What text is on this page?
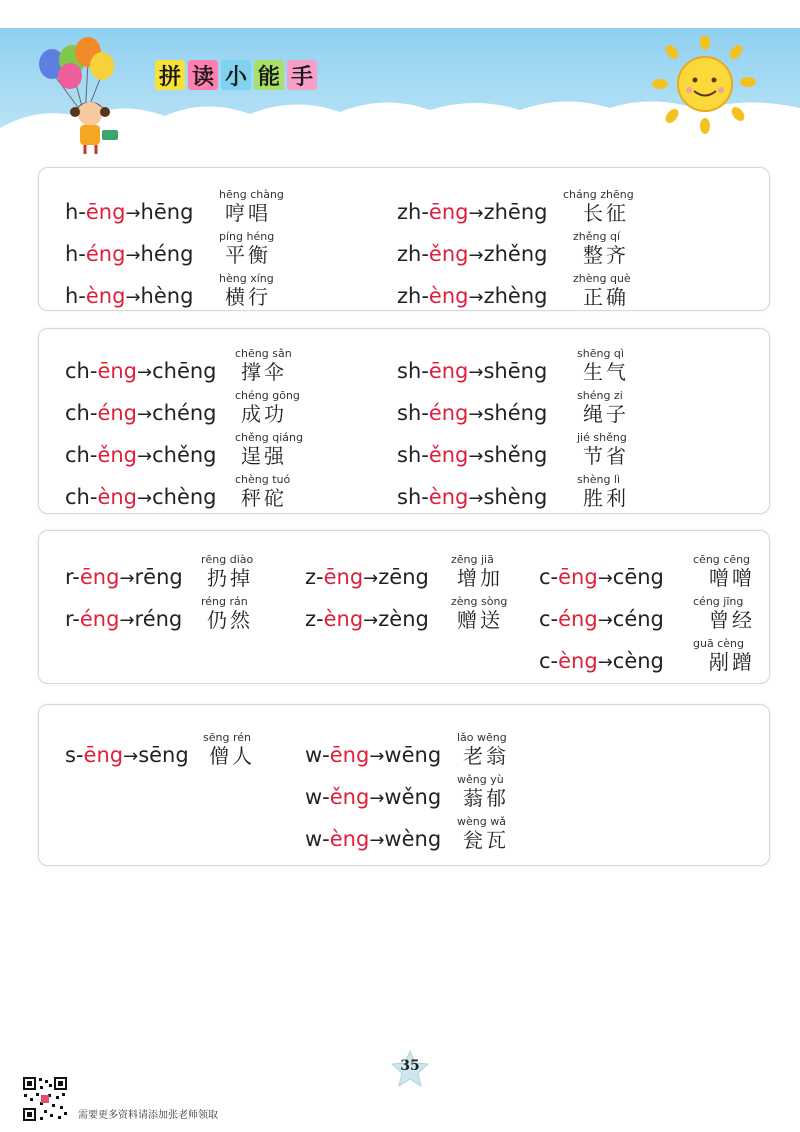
拼 读 小 能 手
h-ēng→hēng
hēng chàng
哼唱
h-éng→héng
píng héng
平衡
h-èng→hèng
hèng xíng
横行
zh-ēng→zhēng
cháng zhēng
长征
zh-ěng→zhěng
zhěng qí
整齐
zh-èng→zhèng
zhèng què
正确
ch-ēng→chēng
chēng sǎn
撑伞
ch-éng→chéng
chéng gōng
成功
ch-ěng→chěng
chěng qiáng
逞强
ch-èng→chèng
chèng tuó
秤砣
sh-ēng→shēng
shēng qì
生气
sh-éng→shéng
shéng zi
绳子
sh-ěng→shěng
jié shěng
节省
sh-èng→shèng
shèng lì
胜利
r-ēng→rēng
rēng diào
扔掉
r-éng→réng
réng rán
仍然
z-ēng→zēng
zēng jiā
增加
z-èng→zèng
zèng sòng
赠送
c-ēng→cēng
cēng cēng
噌噌
c-éng→céng
céng jīng
曾经
c-èng→cèng
guā cèng
剐蹭
s-ēng→sēng
sēng rén
僧人 w-ēng→wēng
lǎo wēng
老翁
w-ěng→wěng
wěng yù
蓊郁
w-èng→wèng
wèng wǎ
瓮瓦
35
需要更多资料请添加张老师领取
